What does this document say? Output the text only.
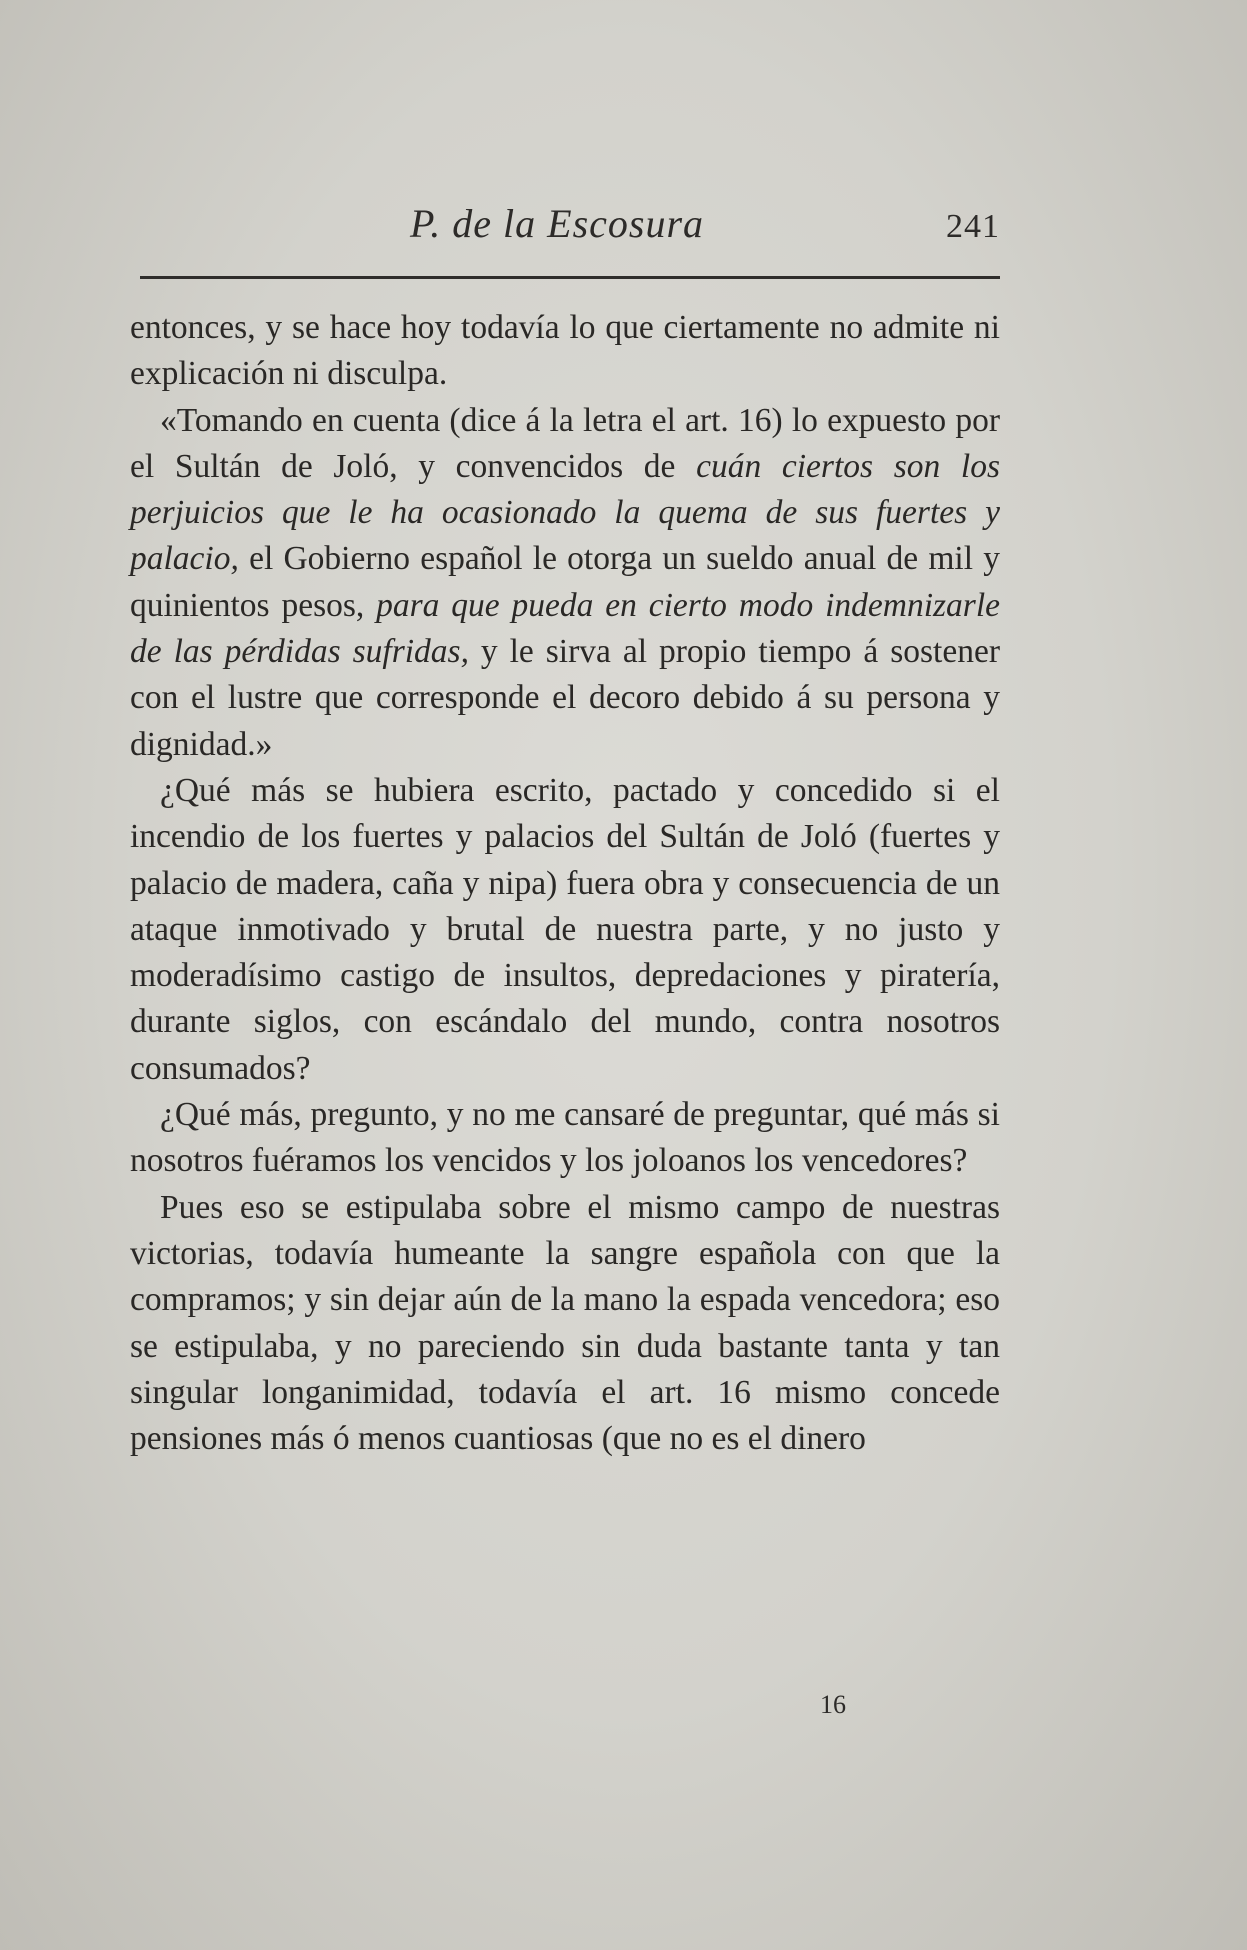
P. de la Escosura	241

entonces, y se hace hoy todavía lo que ciertamente no admite ni explicación ni disculpa.

«Tomando en cuenta (dice á la letra el art. 16) lo expuesto por el Sultán de Joló, y convencidos de cuán ciertos son los perjuicios que le ha ocasionado la quema de sus fuertes y palacio, el Gobierno español le otorga un sueldo anual de mil y quinientos pesos, para que pueda en cierto modo indemnizarle de las pérdidas sufridas, y le sirva al propio tiempo á sostener con el lustre que corresponde el decoro debido á su persona y dignidad.»

¿Qué más se hubiera escrito, pactado y concedido si el incendio de los fuertes y palacios del Sultán de Joló (fuertes y palacio de madera, caña y nipa) fuera obra y consecuencia de un ataque inmotivado y brutal de nuestra parte, y no justo y moderadísimo castigo de insultos, depredaciones y piratería, durante siglos, con escándalo del mundo, contra nosotros consumados?

¿Qué más, pregunto, y no me cansaré de preguntar, qué más si nosotros fuéramos los vencidos y los joloanos los vencedores?

Pues eso se estipulaba sobre el mismo campo de nuestras victorias, todavía humeante la sangre española con que la compramos; y sin dejar aún de la mano la espada vencedora; eso se estipulaba, y no pareciendo sin duda bastante tanta y tan singular longanimidad, todavía el art. 16 mismo concede pensiones más ó menos cuantiosas (que no es el dinero

16
